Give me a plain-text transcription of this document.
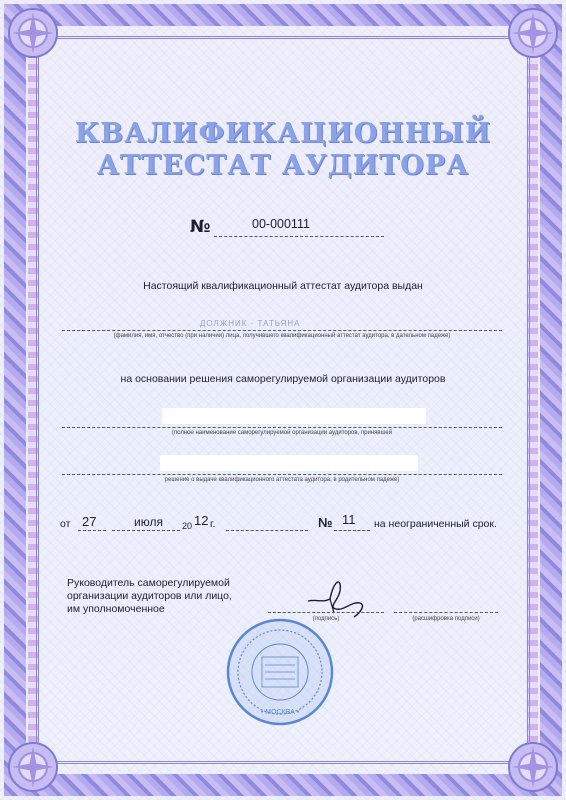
КВАЛИФИКАЦИОННЫЙ
АТТЕСТАТ АУДИТОРА
№	00-000111
Настоящий квалификационный аттестат аудитора выдан
ДОЛЖНИК · ТАТЬЯНА
(фамилия, имя, отчество (при наличии) лица, получившего квалификационный аттестат аудитора, в дательном падеже)
на основании решения саморегулируемой организации аудиторов
(полное наименование саморегулируемой организации аудиторов, принявшей
решение о выдаче квалификационного аттестата аудитора, в родительном падеже)
от 27	июля 20 12 г.	№ 11 на неограниченный срок.
Руководитель саморегулируемой
организации аудиторов или лицо,
им уполномоченное
(подпись)	(расшифровка подписи)
• МОСКВА •
